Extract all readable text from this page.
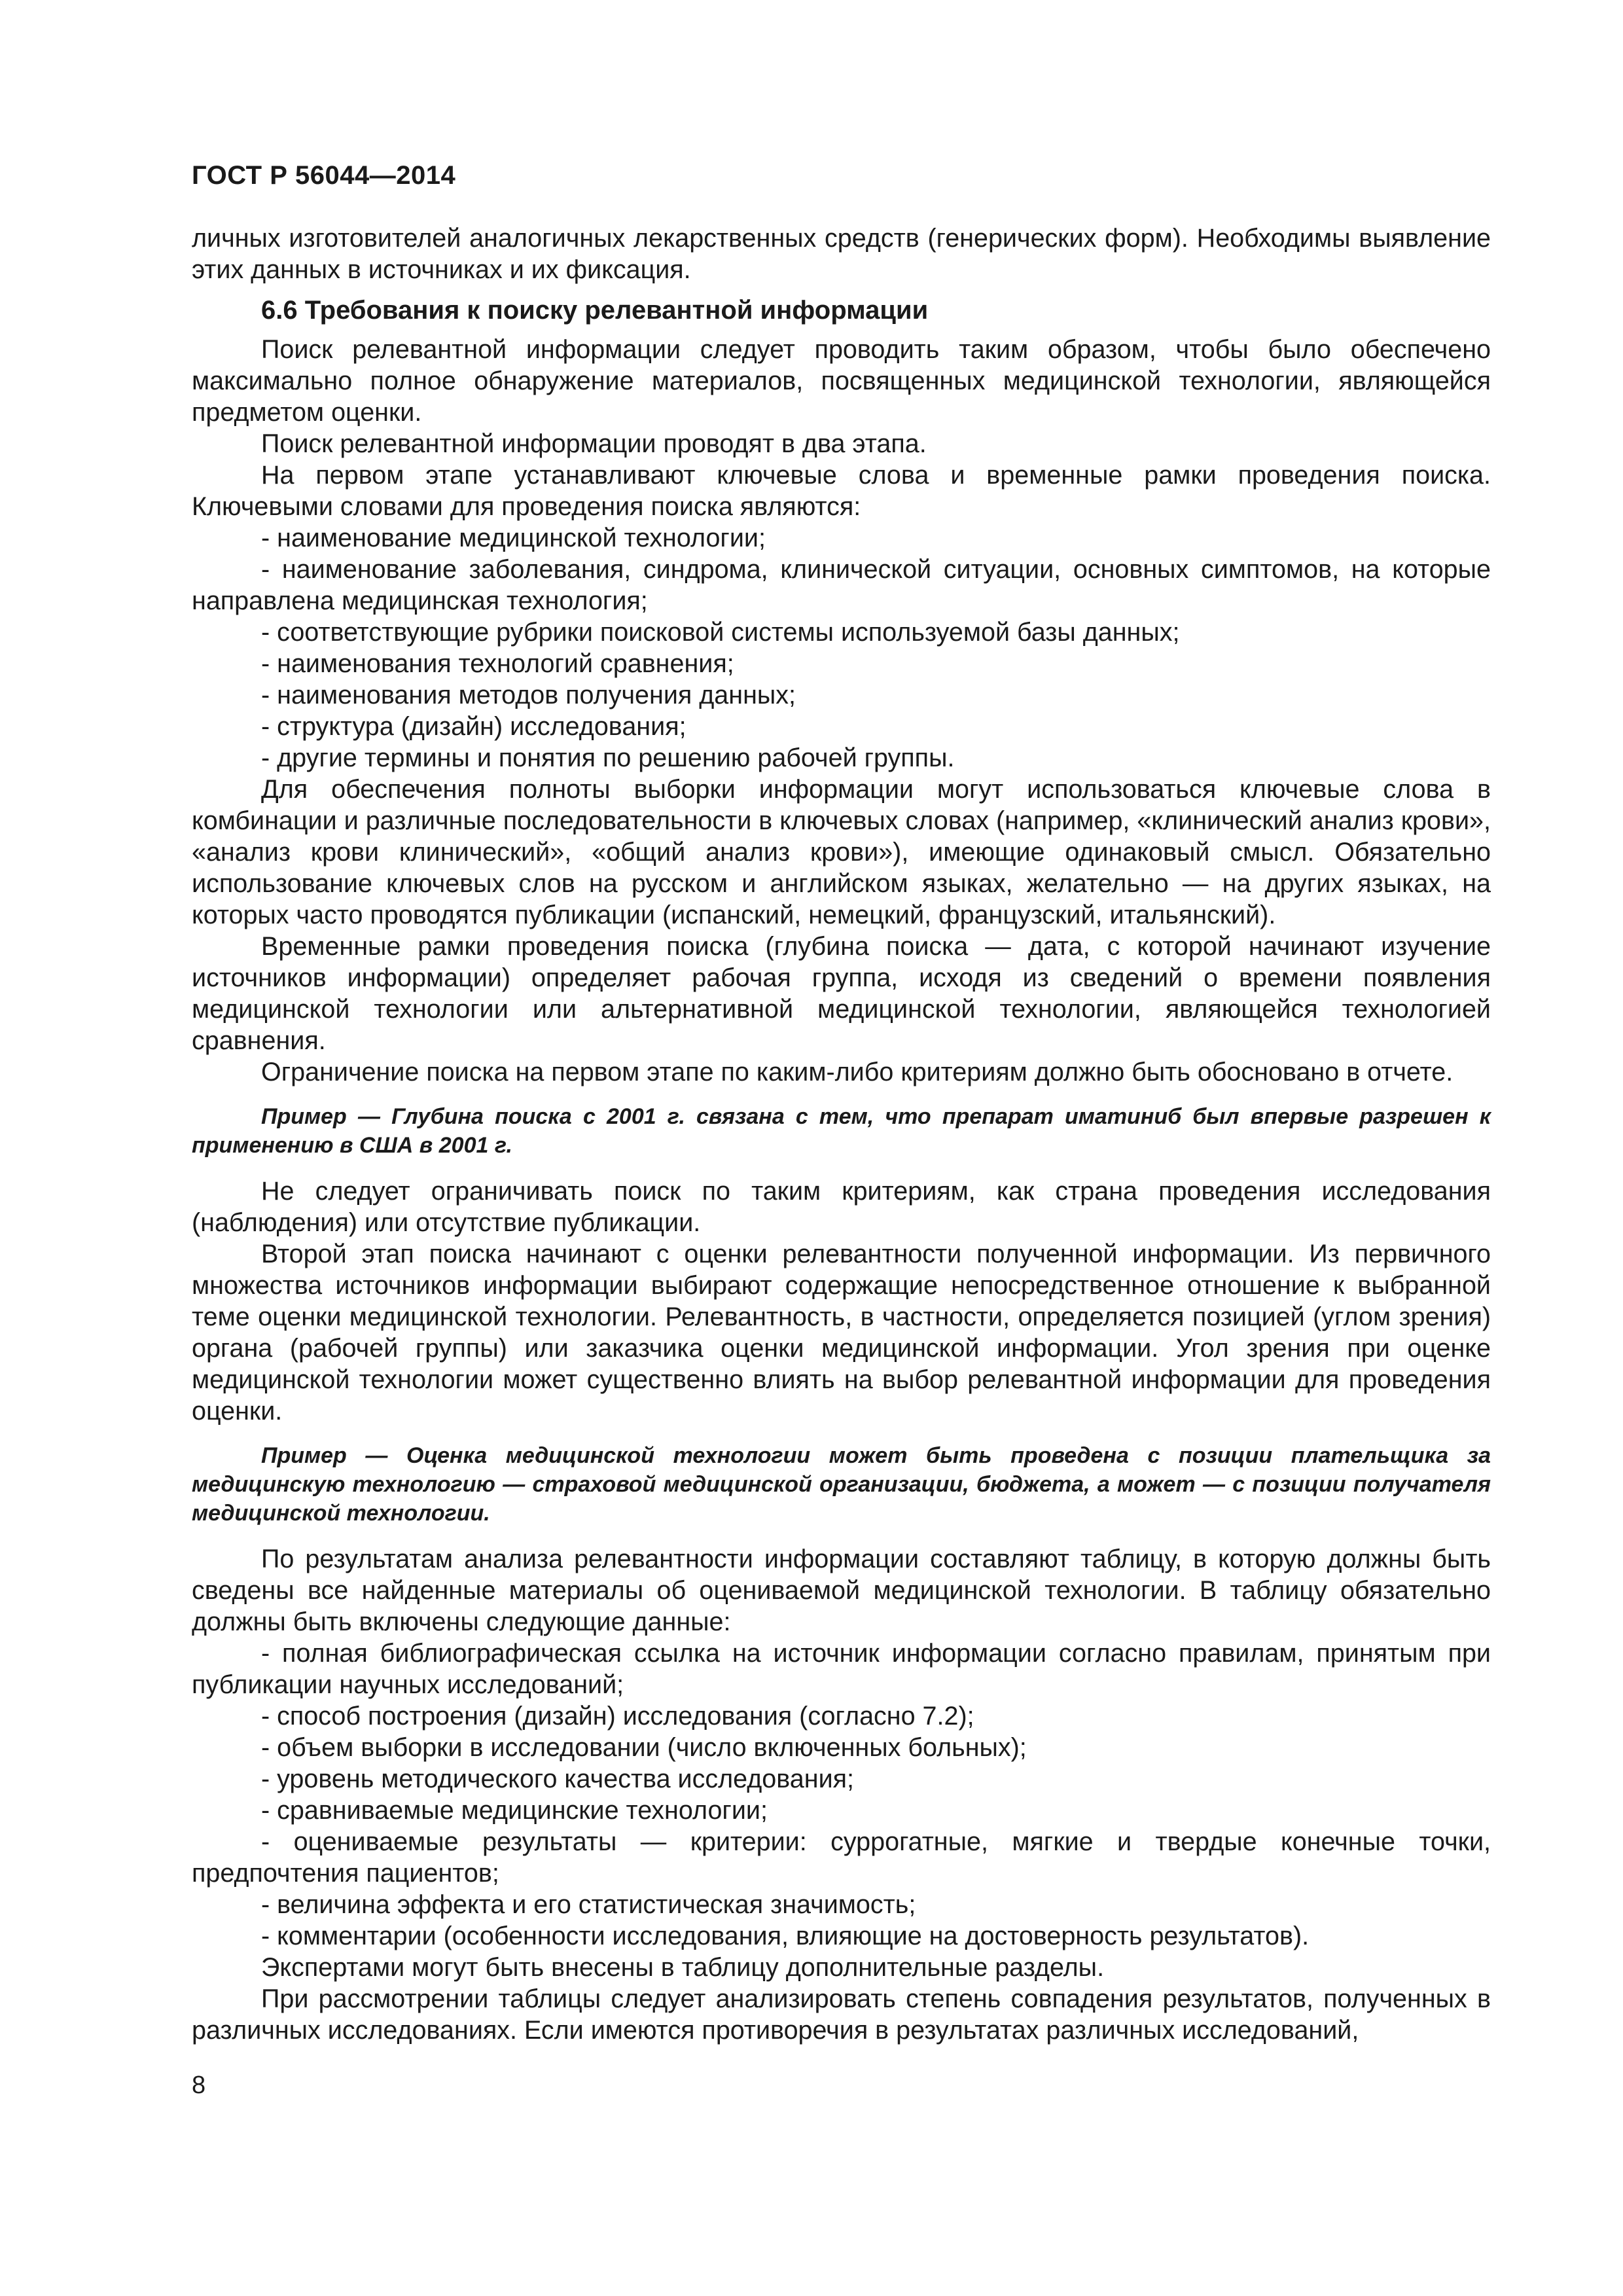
ГОСТ Р 56044—2014

личных изготовителей аналогичных лекарственных средств (генерических форм). Необходимы выявление этих данных в источниках и их фиксация.

6.6 Требования к поиску релевантной информации

Поиск релевантной информации следует проводить таким образом, чтобы было обеспечено максимально полное обнаружение материалов, посвященных медицинской технологии, являющейся предметом оценки.

Поиск релевантной информации проводят в два этапа.

На первом этапе устанавливают ключевые слова и временные рамки проведения поиска. Ключевыми словами для проведения поиска являются:

- наименование медицинской технологии;

- наименование заболевания, синдрома, клинической ситуации, основных симптомов, на которые направлена медицинская технология;

- соответствующие рубрики поисковой системы используемой базы данных;

- наименования технологий сравнения;

- наименования методов получения данных;

- структура (дизайн) исследования;

- другие термины и понятия по решению рабочей группы.

Для обеспечения полноты выборки информации могут использоваться ключевые слова в комбинации и различные последовательности в ключевых словах (например, «клинический анализ крови», «анализ крови клинический», «общий анализ крови»), имеющие одинаковый смысл. Обязательно использование ключевых слов на русском и английском языках, желательно — на других языках, на которых часто проводятся публикации (испанский, немецкий, французский, итальянский).

Временные рамки проведения поиска (глубина поиска — дата, с которой начинают изучение источников информации) определяет рабочая группа, исходя из сведений о времени появления медицинской технологии или альтернативной медицинской технологии, являющейся технологией сравнения.

Ограничение поиска на первом этапе по каким-либо критериям должно быть обосновано в отчете.

Пример — Глубина поиска с 2001 г. связана с тем, что препарат иматиниб был впервые разрешен к применению в США в 2001 г.

Не следует ограничивать поиск по таким критериям, как страна проведения исследования (наблюдения) или отсутствие публикации.

Второй этап поиска начинают с оценки релевантности полученной информации. Из первичного множества источников информации выбирают содержащие непосредственное отношение к выбранной теме оценки медицинской технологии. Релевантность, в частности, определяется позицией (углом зрения) органа (рабочей группы) или заказчика оценки медицинской информации. Угол зрения при оценке медицинской технологии может существенно влиять на выбор релевантной информации для проведения оценки.

Пример — Оценка медицинской технологии может быть проведена с позиции плательщика за медицинскую технологию — страховой медицинской организации, бюджета, а может — с позиции получателя медицинской технологии.

По результатам анализа релевантности информации составляют таблицу, в которую должны быть сведены все найденные материалы об оцениваемой медицинской технологии. В таблицу обязательно должны быть включены следующие данные:

- полная библиографическая ссылка на источник информации согласно правилам, принятым при публикации научных исследований;

- способ построения (дизайн) исследования (согласно 7.2);

- объем выборки в исследовании (число включенных больных);

- уровень методического качества исследования;

- сравниваемые медицинские технологии;

- оцениваемые результаты — критерии: суррогатные, мягкие и твердые конечные точки, предпочтения пациентов;

- величина эффекта и его статистическая значимость;

- комментарии (особенности исследования, влияющие на достоверность результатов).

Экспертами могут быть внесены в таблицу дополнительные разделы.

При рассмотрении таблицы следует анализировать степень совпадения результатов, полученных в различных исследованиях. Если имеются противоречия в результатах различных исследований,

8
